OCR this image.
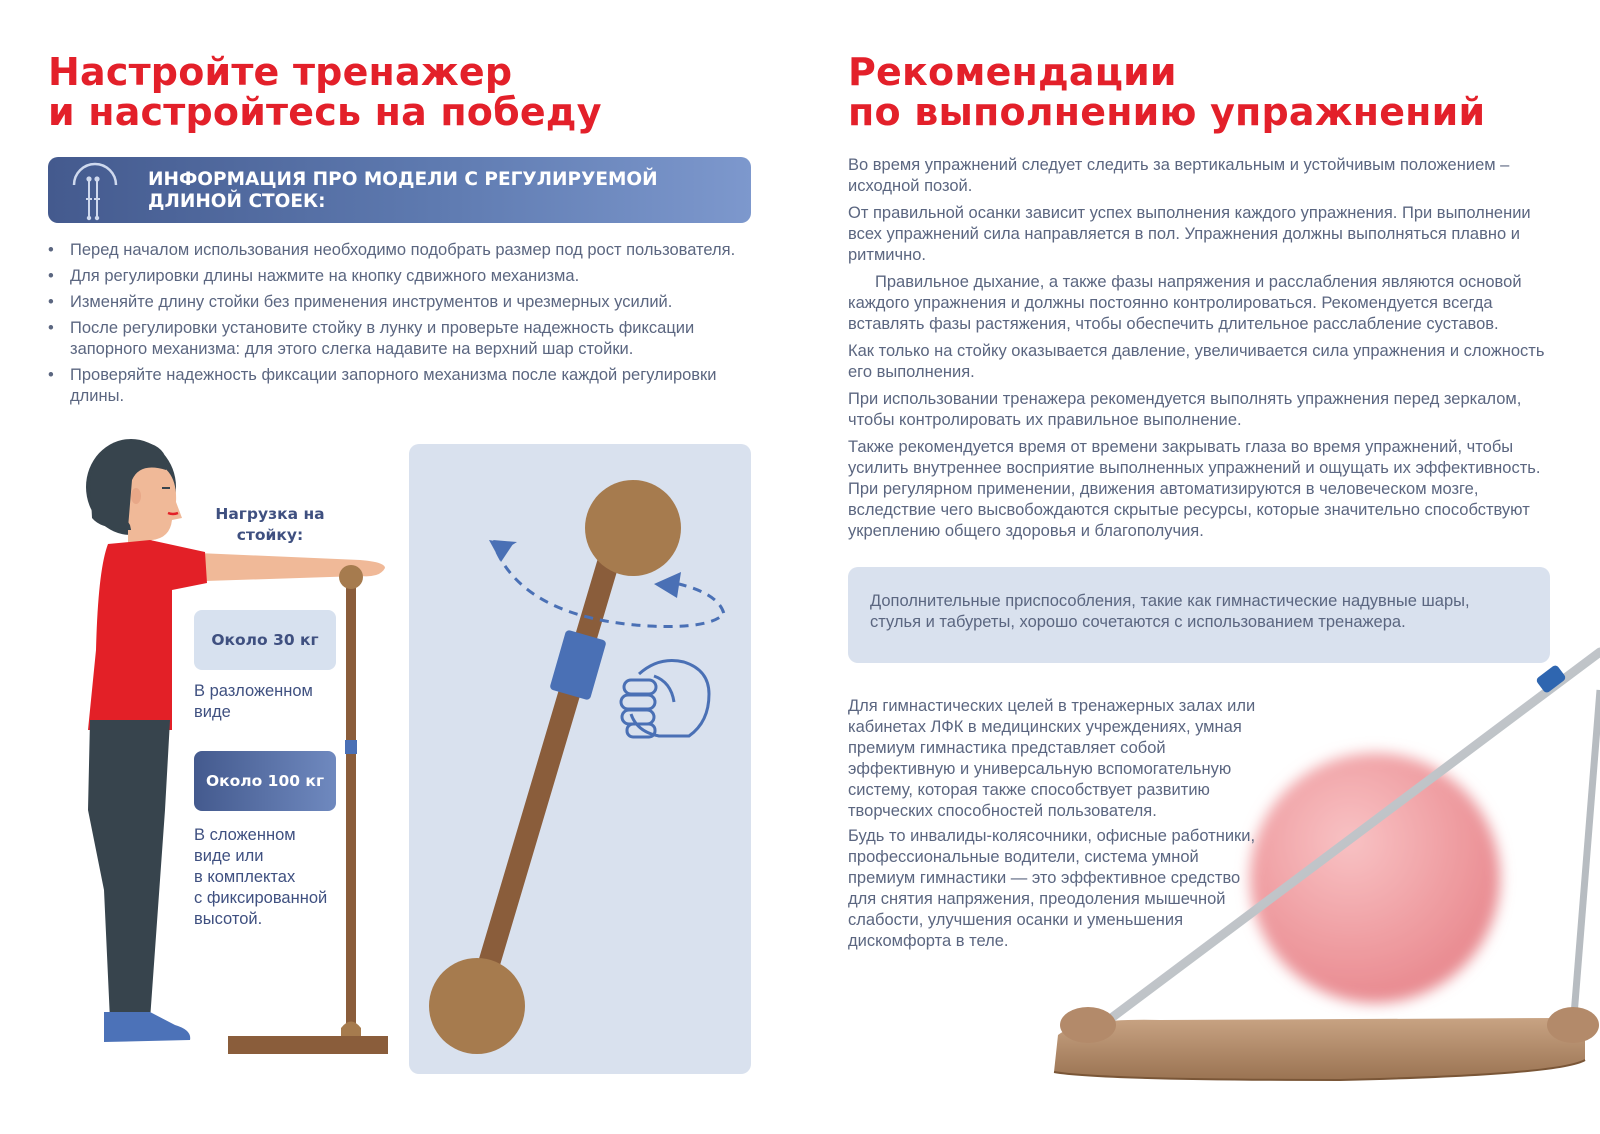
Настройте тренажер
и настройтесь на победу
ИНФОРМАЦИЯ ПРО МОДЕЛИ С РЕГУЛИРУЕМОЙ
ДЛИНОЙ СТОЕК:
• Перед началом использования необходимо подобрать размер под рост пользователя.
• Для регулировки длины нажмите на кнопку сдвижного механизма.
• Изменяйте длину стойки без применения инструментов и чрезмерных усилий.
• После регулировки установите стойку в лунку и проверьте надежность фиксации запорного механизма: для этого слегка надавите на верхний шар стойки.
• Проверяйте надежность фиксации запорного механизма после каждой регулировки длины.
Нагрузка на
стойку:
Около 30 кг
В разложенном
виде
Около 100 кг
В сложенном
виде или
в комплектах
с фиксированной
высотой.
Рекомендации
по выполнению упражнений

Во время упражнений следует следить за вертикальным и устойчивым положением – исходной позой.

От правильной осанки зависит успех выполнения каждого упражнения. При выполнении всех упражнений сила направляется в пол. Упражнения должны выполняться плавно и ритмично.

Правильное дыхание, а также фазы напряжения и расслабления являются основой каждого упражнения и должны постоянно контролироваться. Рекомендуется всегда вставлять фазы растяжения, чтобы обеспечить длительное расслабление суставов.

Как только на стойку оказывается давление, увеличивается сила упражнения и сложность его выполнения.

При использовании тренажера рекомендуется выполнять упражнения перед зеркалом, чтобы контролировать их правильное выполнение.

Также рекомендуется время от времени закрывать глаза во время упражнений, чтобы усилить внутреннее восприятие выполненных упражнений и ощущать их эффективность. При регулярном применении, движения автоматизируются в человеческом мозге, вследствие чего высвобождаются скрытые ресурсы, которые значительно способствуют укреплению общего здоровья и благополучия.

Дополнительные приспособления, такие как гимнастические надувные шары, стулья и табуреты, хорошо сочетаются с использованием тренажера.

Для гимнастических целей в тренажерных залах или кабинетах ЛФК в медицинских учреждениях, умная премиум гимнастика представляет собой эффективную и универсальную вспомогательную систему, которая также способствует развитию творческих способностей пользователя.

Будь то инвалиды-колясочники, офисные работники, профессиональные водители, система умной премиум гимнастики — это эффективное средство для снятия напряжения, преодоления мышечной слабости, улучшения осанки и уменьшения дискомфорта в теле.
